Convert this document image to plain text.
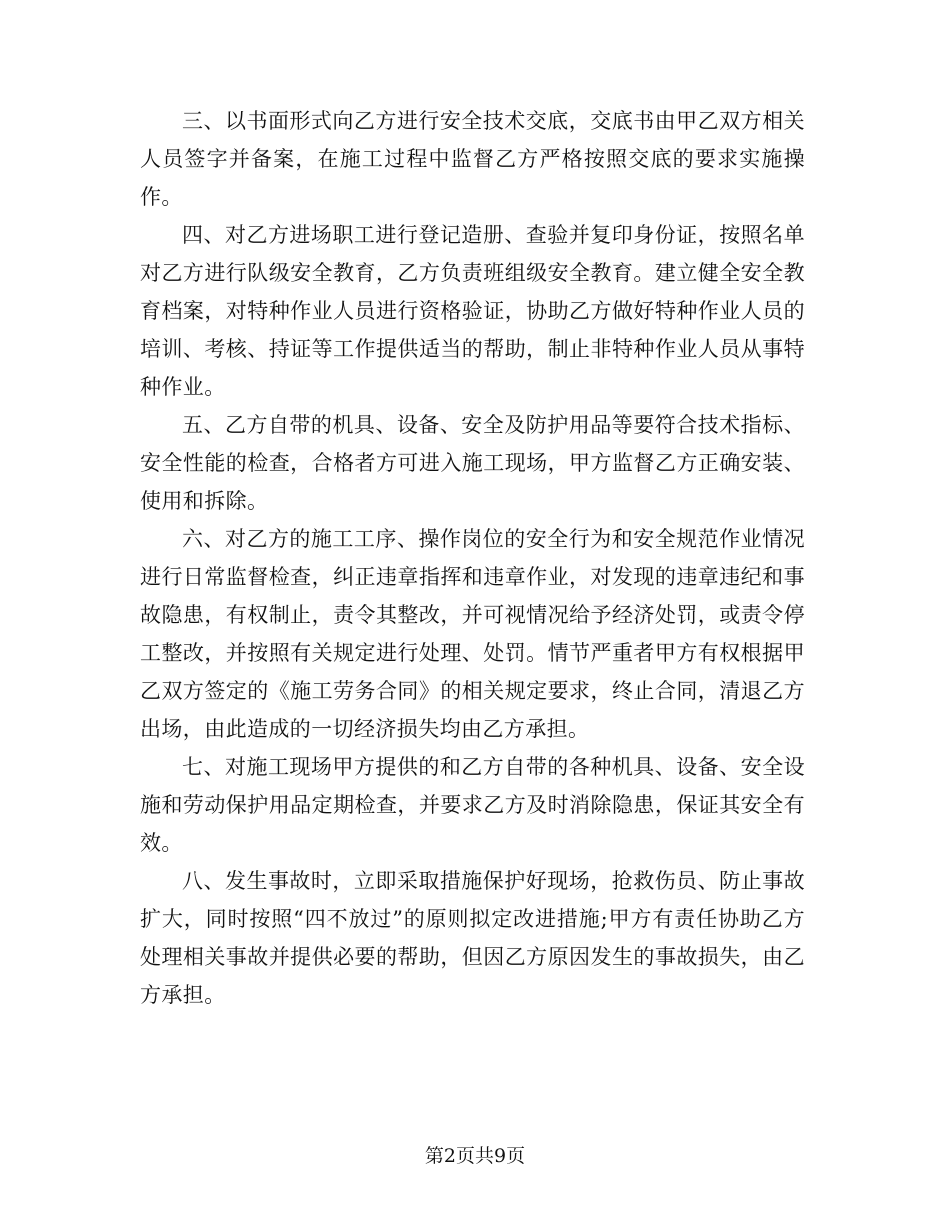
三、以书面形式向乙方进行安全技术交底，交底书由甲乙双方相关人员签字并备案，在施工过程中监督乙方严格按照交底的要求实施操作。

四、对乙方进场职工进行登记造册、查验并复印身份证，按照名单对乙方进行队级安全教育，乙方负责班组级安全教育。建立健全安全教育档案，对特种作业人员进行资格验证，协助乙方做好特种作业人员的培训、考核、持证等工作提供适当的帮助，制止非特种作业人员从事特种作业。

五、乙方自带的机具、设备、安全及防护用品等要符合技术指标、安全性能的检查，合格者方可进入施工现场，甲方监督乙方正确安装、使用和拆除。

六、对乙方的施工工序、操作岗位的安全行为和安全规范作业情况进行日常监督检查，纠正违章指挥和违章作业，对发现的违章违纪和事故隐患，有权制止，责令其整改，并可视情况给予经济处罚，或责令停工整改，并按照有关规定进行处理、处罚。情节严重者甲方有权根据甲乙双方签定的《施工劳务合同》的相关规定要求，终止合同，清退乙方出场，由此造成的一切经济损失均由乙方承担。

七、对施工现场甲方提供的和乙方自带的各种机具、设备、安全设施和劳动保护用品定期检查，并要求乙方及时消除隐患，保证其安全有效。

八、发生事故时，立即采取措施保护好现场，抢救伤员、防止事故扩大，同时按照“四不放过”的原则拟定改进措施;甲方有责任协助乙方处理相关事故并提供必要的帮助，但因乙方原因发生的事故损失，由乙方承担。

第2页共9页
